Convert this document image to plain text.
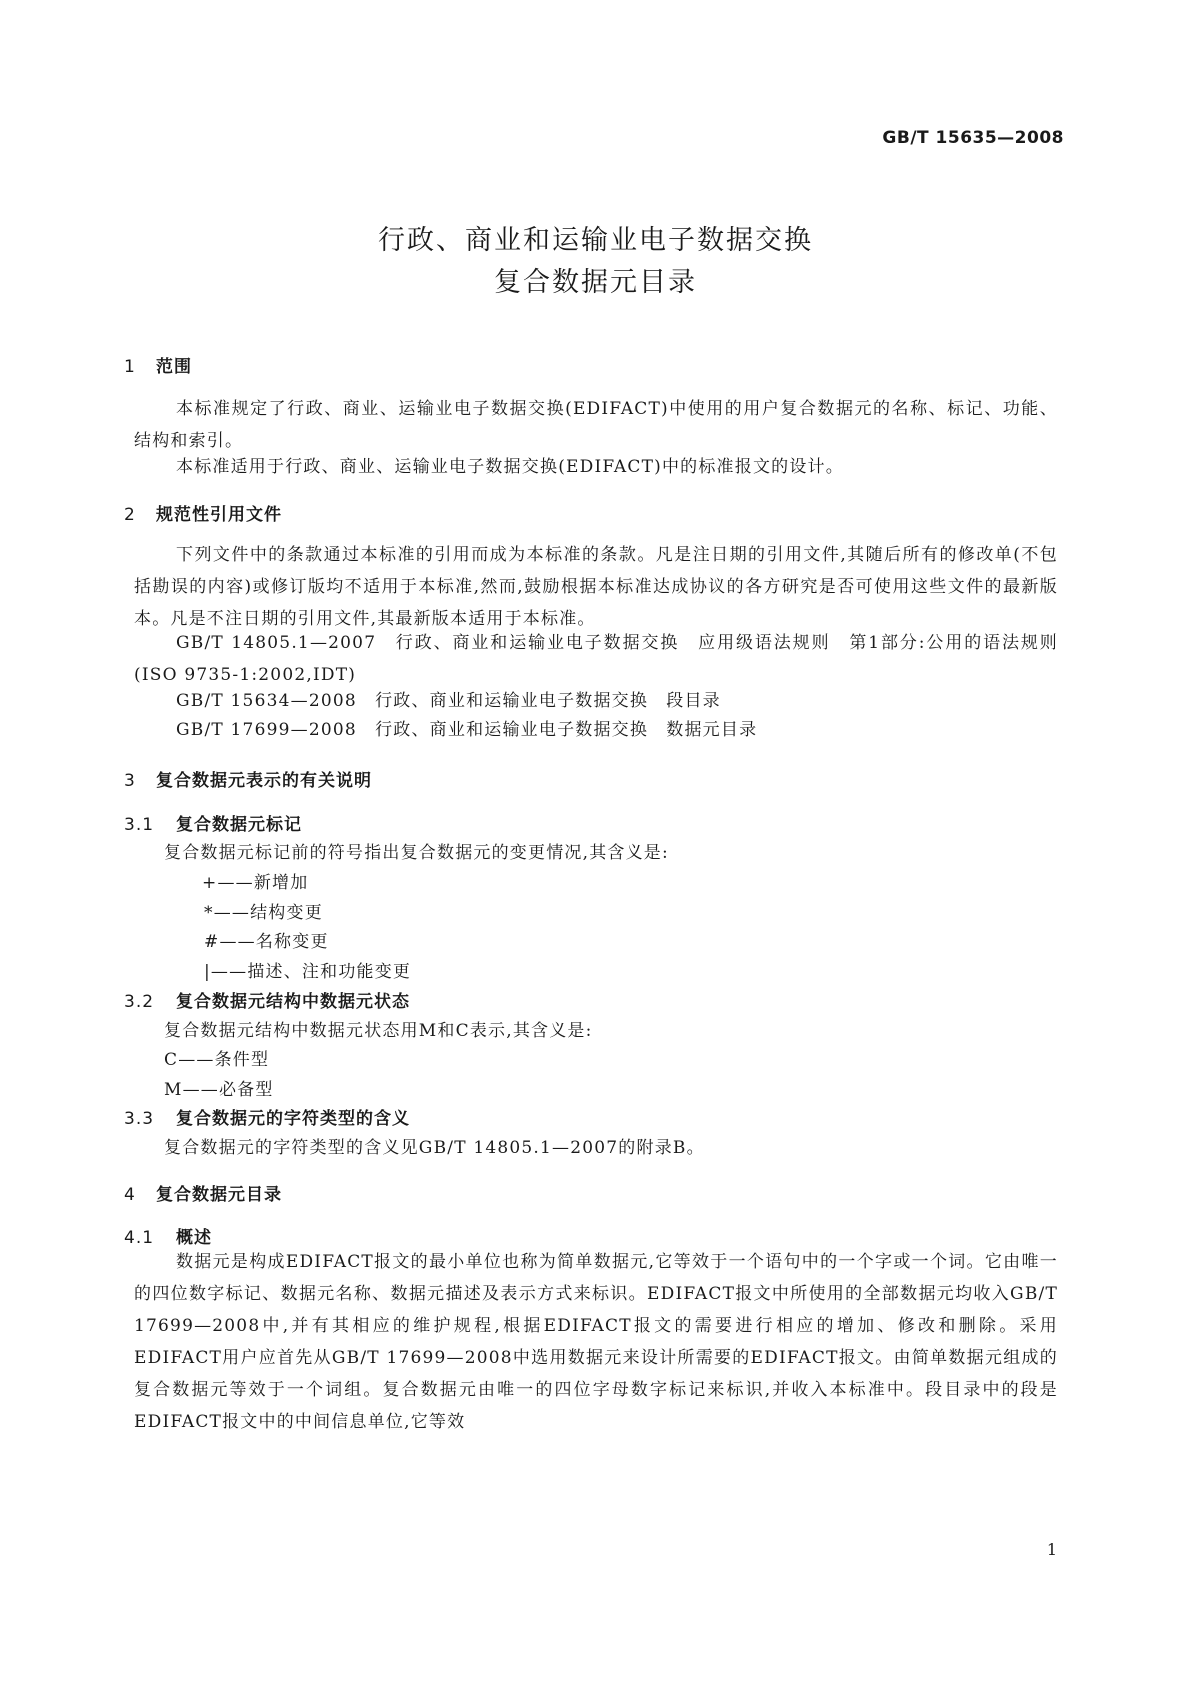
GB/T 15635—2008
行政、商业和运输业电子数据交换
复合数据元目录
1 范围
本标准规定了行政、商业、运输业电子数据交换(EDIFACT)中使用的用户复合数据元的名称、标记、功能、结构和索引。
本标准适用于行政、商业、运输业电子数据交换(EDIFACT)中的标准报文的设计。
2 规范性引用文件
下列文件中的条款通过本标准的引用而成为本标准的条款。凡是注日期的引用文件,其随后所有的修改单(不包括勘误的内容)或修订版均不适用于本标准,然而,鼓励根据本标准达成协议的各方研究是否可使用这些文件的最新版本。凡是不注日期的引用文件,其最新版本适用于本标准。
GB/T 14805.1—2007　行政、商业和运输业电子数据交换　应用级语法规则　第1部分:公用的语法规则(ISO 9735-1:2002,IDT)
GB/T 15634—2008　行政、商业和运输业电子数据交换　段目录
GB/T 17699—2008　行政、商业和运输业电子数据交换　数据元目录
3 复合数据元表示的有关说明
3.1 复合数据元标记
复合数据元标记前的符号指出复合数据元的变更情况,其含义是:
+——新增加
*——结构变更
#——名称变更
|——描述、注和功能变更
3.2 复合数据元结构中数据元状态
复合数据元结构中数据元状态用M和C表示,其含义是:
C——条件型
M——必备型
3.3 复合数据元的字符类型的含义
复合数据元的字符类型的含义见GB/T 14805.1—2007的附录B。
4 复合数据元目录
4.1 概述
数据元是构成EDIFACT报文的最小单位也称为简单数据元,它等效于一个语句中的一个字或一个词。它由唯一的四位数字标记、数据元名称、数据元描述及表示方式来标识。EDIFACT报文中所使用的全部数据元均收入GB/T 17699—2008中,并有其相应的维护规程,根据EDIFACT报文的需要进行相应的增加、修改和删除。采用EDIFACT用户应首先从GB/T 17699—2008中选用数据元来设计所需要的EDIFACT报文。由简单数据元组成的复合数据元等效于一个词组。复合数据元由唯一的四位字母数字标记来标识,并收入本标准中。段目录中的段是EDIFACT报文中的中间信息单位,它等效
1
